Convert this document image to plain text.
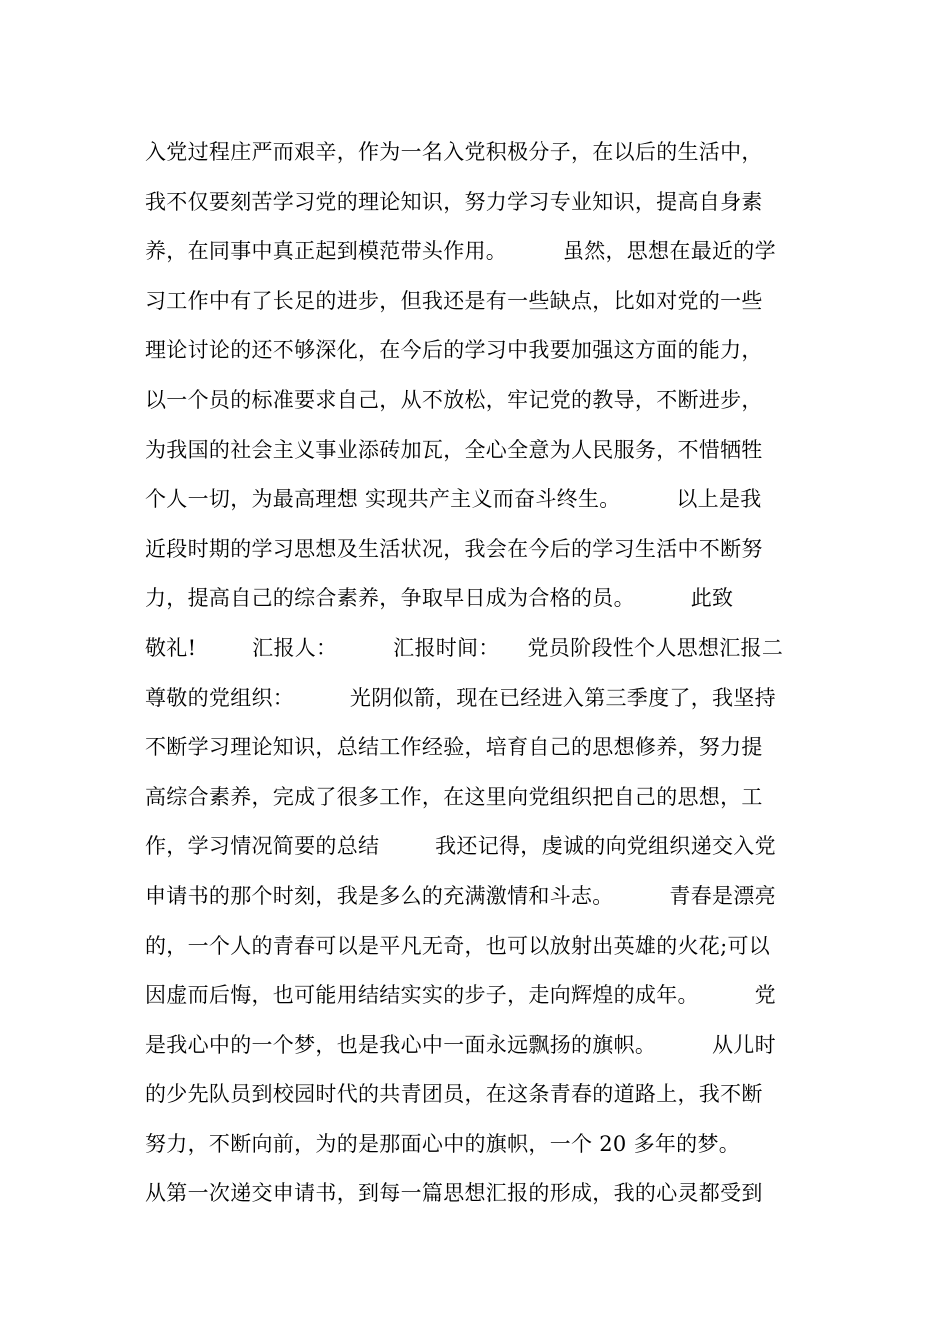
入党过程庄严而艰辛，作为一名入党积极分子，在以后的生活中，
我不仅要刻苦学习党的理论知识，努力学习专业知识，提高自身素
养，在同事中真正起到模范带头作用。        虽然，思想在最近的学
习工作中有了长足的进步，但我还是有一些缺点，比如对党的一些
理论讨论的还不够深化，在今后的学习中我要加强这方面的能力，
以一个员的标准要求自己，从不放松，牢记党的教导，不断进步，
为我国的社会主义事业添砖加瓦，全心全意为人民服务，不惜牺牲
个人一切，为最高理想 实现共产主义而奋斗终生。        以上是我
近段时期的学习思想及生活状况，我会在今后的学习生活中不断努
力，提高自己的综合素养，争取早日成为合格的员。        此致
敬礼!        汇报人：        汇报时间：    党员阶段性个人思想汇报二
尊敬的党组织：        光阴似箭，现在已经进入第三季度了，我坚持
不断学习理论知识，总结工作经验，培育自己的思想修养，努力提
高综合素养，完成了很多工作，在这里向党组织把自己的思想，工
作，学习情况简要的总结        我还记得，虔诚的向党组织递交入党
申请书的那个时刻，我是多么的充满激情和斗志。        青春是漂亮
的，一个人的青春可以是平凡无奇，也可以放射出英雄的火花;可以
因虚而后悔，也可能用结结实实的步子，走向辉煌的成年。        党
是我心中的一个梦，也是我心中一面永远飘扬的旗帜。        从儿时
的少先队员到校园时代的共青团员，在这条青春的道路上，我不断
努力，不断向前，为的是那面心中的旗帜，一个 20 多年的梦。
从第一次递交申请书，到每一篇思想汇报的形成，我的心灵都受到
